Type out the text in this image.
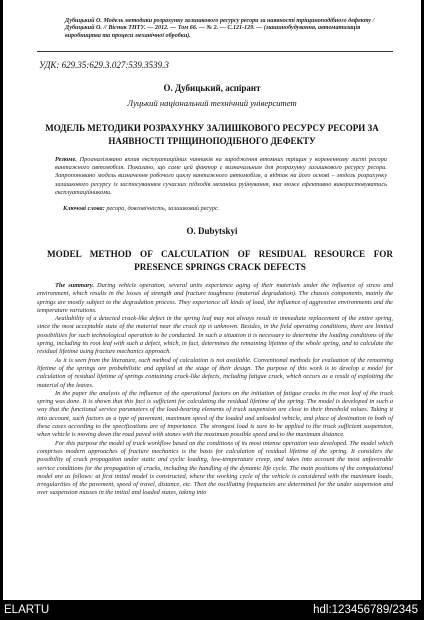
Дубицький О. Модель методики розрахунку залишкового ресурсу ресори за наявності тріщиноподібного дефекту / Дубицький О. // Вісник ТНТУ. — 2012. — Том 66. — № 2. — С.121-129. — (машинобудування, автоматизація виробництва та процеси механічної обробки).
УДК: 629.35:629.3.027:539.3539.3
О. Дубицький, аспірант
Луцький національний технічний університет
МОДЕЛЬ МЕТОДИКИ РОЗРАХУНКУ ЗАЛИШКОВОГО РЕСУРСУ РЕСОРИ ЗА НАЯВНОСТІ ТРІЩИНОПОДІБНОГО ДЕФЕКТУ
Резюме. Проаналізовано вплив експлуатаційних чинників на зародження втомних тріщин у корененному листі ресори вантажного автомобіля. Показано, що саме цей фактор є визначальним для розрахунку залишкового ресурсу ресори. Запропоновано модель визначення робочого циклу вантажного автомобіля, а відтак на його основі – модель розрахунку залишкового ресурсу із застосуванням сучасних підходів механіки руйнування, яка може ефективно використовуватись експлуатаційниками.
Ключові слова: ресора, довговічність, залишковий ресурс.
O. Dubytskyi
MODEL METHOD OF CALCULATION OF RESIDUAL RESOURCE FOR PRESENCE SPRINGS CRACK DEFECTS

The summary. During vehicle operation, several units experience aging of their materials under the influence of stress and environment, which results in the losses of strength and fracture toughness (material degradation). The chassis components, mainly the springs are mostly subject to the degradation process. They experience all kinds of load, the influence of aggressive environments and the temperature variations.

Availability of a detected crack-like defect in the spring leaf may not always result in immediate replacement of the entire spring, since the most acceptable state of the material near the crack tip is unknown. Besides, in the field operating conditions, there are limited possibilities for such technological operation to be conducted. In such a situation it is necessary to determine the loading conditions of the spring, including its root leaf with such a defect, which, in fact, determines the remaining lifetime of the whole spring, and to calculate the residual lifetime using fracture mechanics approach.

As it is seen from the literature, such method of calculation is not available. Conventional methods for evaluation of the remaining lifetime of the springs are probabilistic and applied at the stage of their design. The purpose of this work is to develop a model for calculation of residual lifetime of springs containing crack-like defects, including fatigue crack, which occurs as a result of exploiting the material of the leaves.

In the paper the analysis of the influence of the operational factors on the initiation of fatigue cracks in the root leaf of the truck spring was done. It is shown that this fact is sufficient for calculating the residual lifetime of the spring. The model is developed in such a way that the functional service parameters of the load-bearing elements of truck suspension are close to their threshold values. Taking it into account, such factors as a type of pavement, maximum speed of the loaded and unloaded vehicle, and place of destination in both of these cases according to the specifications are of importance. The strongest load is sure to be applied to the truck sufficient suspension, when vehicle is moving down the road paved with stones with the maximum possible speed and to the maximum distance.

For this purpose the model of truck workflow based on the conditions of its most intense operation was developed. The model which comprises modern approaches of fracture mechanics is the basis for calculation of residual lifetime of the spring. It considers the possibility of crack propagation under static and cyclic loading, low-temperature creep, and takes into account the most unfavorable service conditions for the propagation of cracks, including the handling of the dynamic life cycle. The main positions of the computational model are as follows: at first initial model is constructed, where the working cycle of the vehicle is considered with the maximum loads, irregularities of the pavement, speed of travel, distance, etc. Then the oscillating frequencies are determined for the under suspension and over suspension masses in the initial and loaded states, taking into

ELARTU	hdl:123456789/2345
